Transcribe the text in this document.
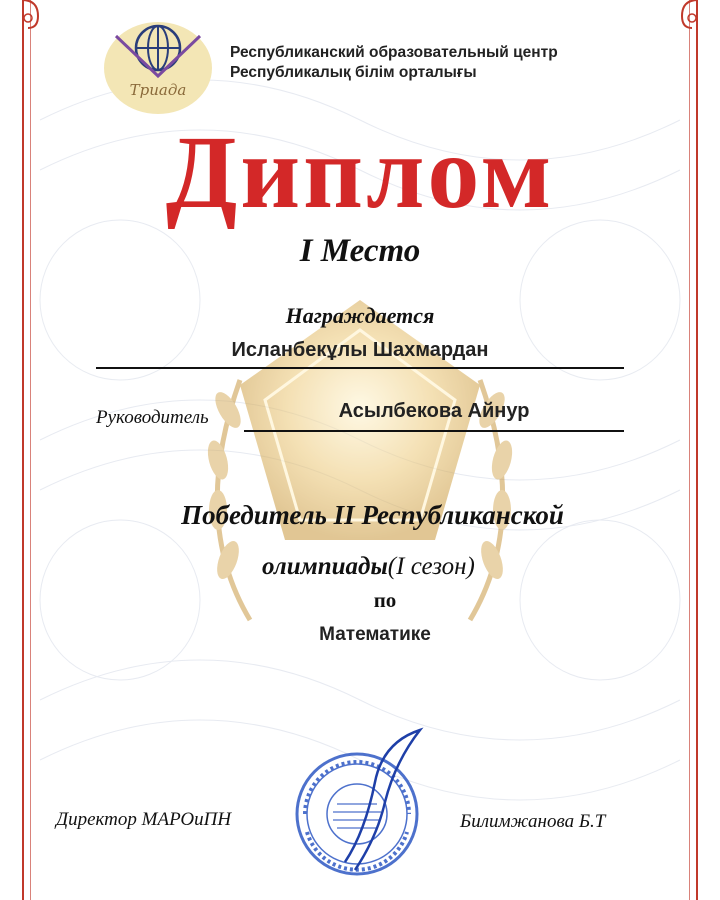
Триада
Республиканский образовательный центр
Республикалық білім орталығы
Диплом
I Место
Награждается
Исланбекұлы Шахмардан
Руководитель	Асылбекова Айнур
Победитель II Республиканской
олимпиады(I сезон)
по
Математике
Директор МАРОиПН	Билимжанова Б.Т
